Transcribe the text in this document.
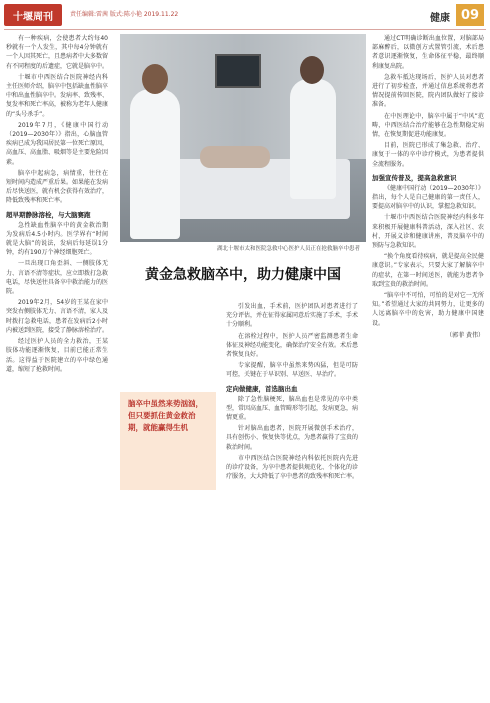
十堰周刊	责任编辑:雷茜 版式:陈小艳 2019.11.22	健康 09

有一种疾病，会使患者大约每40秒就有一个人发生，其中每4分钟就有一个人因其死亡，且患病者中大多数留有不同程度的后遗症，它就是脑卒中。

十堰市中西医结合医院神经内科主任医师介绍，脑卒中包括缺血性脑卒中和出血性脑卒中。发病率、致残率、复发率和死亡率高，被称为老年人健康的“头号杀手”。

2019年7月，《健康中国行动（2019—2030年）》指出，心脑血管疾病已成为我国居民第一位死亡原因，高血压、高血脂、吸烟等是主要危险因素。

脑卒中起病急，病情重，往往在短时间内造成严重后果。如果能在发病后尽快送医，就有机会获得有效治疗，降低致残率和死亡率。

超早期静脉溶栓，与大脑赛跑

急性缺血性脑卒中的黄金救治期为发病后4.5小时内。医学界有“时间就是大脑”的说法，发病后每延误1分钟，约有190万个神经细胞死亡。

一旦出现口角歪斜、一侧肢体无力、言语不清等症状，应立即拨打急救电话，尽快送往具备卒中救治能力的医院。

2019年2月，54岁的王某在家中突发右侧肢体无力、言语不清，家人及时拨打急救电话，患者在发病后2小时内被送到医院，接受了静脉溶栓治疗。

经过医护人员的全力救治，王某肢体功能逐渐恢复，目前已能正常生活。这得益于医院建立的卒中绿色通道，缩短了抢救时间。

湖北十堰市太和医院急救中心医护人员正在抢救脑卒中患者
黄金急救脑卒中，助力健康中国
脑卒中虽然来势汹汹，但只要抓住黄金救治期，就能赢得生机

引发出血，手术前，医护团队对患者进行了充分评估，并在征得家属同意后实施了手术，手术十分顺利。

在溶栓过程中，医护人员严密监测患者生命体征及神经功能变化，确保治疗安全有效。术后患者恢复良好。

专家提醒，脑卒中虽然来势凶猛，但是可防可控，关键在于早识别、早送医、早治疗。

定向做健康，首选脑出血

除了急性脑梗死，脑出血也是常见的卒中类型，常因高血压、血管畸形等引起，发病更急，病情更重。

针对脑出血患者，医院开展微创手术治疗，具有创伤小、恢复快等优点，为患者赢得了宝贵的救治时间。

市中西医结合医院神经内科依托医院内先进的诊疗设备，为卒中患者提供规范化、个体化的诊疗服务，大大降低了卒中患者的致残率和死亡率。

通过CT明确诊断出血位置，对脑部局部麻醉后，以微创方式置管引流，术后患者意识逐渐恢复，生命体征平稳，最终顺利康复出院。

急救车抵达现场后，医护人员对患者进行了初步检查，并通过信息系统将患者情况提前传回医院，院内团队做好了接诊准备。

在中医理论中，脑卒中属于“中风”范畴，中西医结合治疗能够在急性期稳定病情，在恢复期促进功能康复。

目前，医院已形成了集急救、治疗、康复于一体的卒中诊疗模式，为患者提供全流程服务。

加强宣传普及，提高急救意识

《健康中国行动（2019—2030年）》指出，每个人是自己健康的第一责任人，要提高对脑卒中的认识，掌握急救知识。

十堰市中西医结合医院神经内科多年来积极开展健康科普活动，深入社区、农村，开展义诊和健康讲座，普及脑卒中的预防与急救知识。

“换个角度看待疾病，就是提高全民健康意识。”专家表示，只要大家了解脑卒中的症状，在第一时间送医，就能为患者争取到宝贵的救治时间。

“脑卒中不可怕，可怕的是对它一无所知。”希望通过大家的共同努力，让更多的人远离脑卒中的危害，助力健康中国建设。

（郭菲 黄伟）
